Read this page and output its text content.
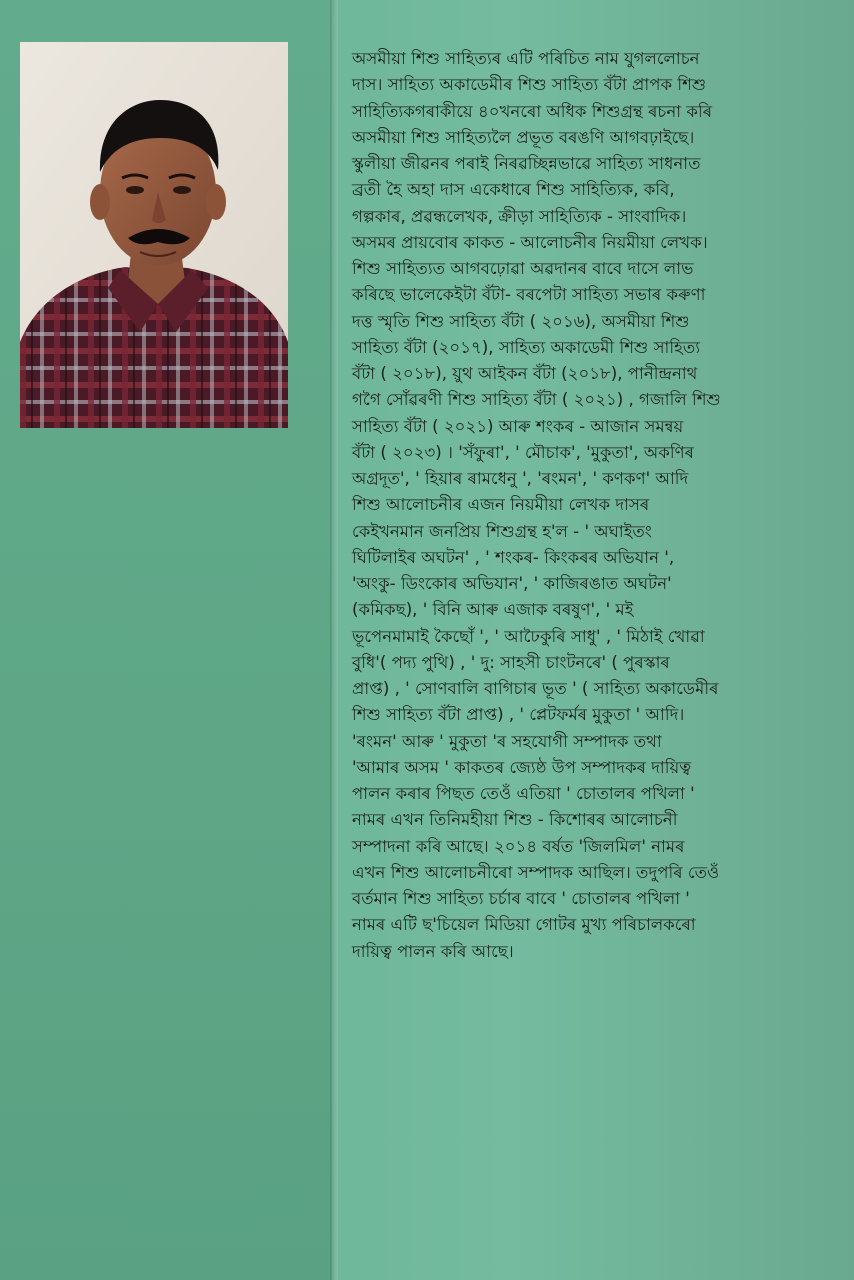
অসমীয়া শিশু সাহিত্যৰ এটি পৰিচিত নাম যুগললোচন

দাস। সাহিত্য অকাডেমীৰ শিশু সাহিত্য বঁটা প্ৰাপক শিশু

সাহিত্যিকগৰাকীয়ে ৪০খনৰো অধিক শিশুগ্ৰন্থ ৰচনা কৰি

অসমীয়া শিশু সাহিত্যলৈ প্ৰভূত বৰঙণি আগবঢ়াইছে।

স্কুলীয়া জীৱনৰ পৰাই নিৰৱচ্ছিন্নভাৱে সাহিত্য সাধনাত

ব্ৰতী হৈ অহা দাস একেধাৰে শিশু সাহিত্যিক, কবি,

গল্পকাৰ, প্ৰৱন্ধলেখক, ক্ৰীড়া সাহিত্যিক - সাংবাদিক।

অসমৰ প্ৰায়বোৰ কাকত - আলোচনীৰ নিয়মীয়া লেখক।

শিশু সাহিত্যত আগবঢ়োৱা অৱদানৰ বাবে দাসে লাভ

কৰিছে ভালেকেইটা বঁটা- বৰপেটা সাহিত্য সভাৰ কৰুণা

দত্ত স্মৃতি শিশু সাহিত্য বঁটা ( ২০১৬), অসমীয়া শিশু

সাহিত্য বঁটা (২০১৭), সাহিত্য অকাডেমী শিশু সাহিত্য

বঁটা ( ২০১৮), য়ুথ আইকন বঁটা (২০১৮), পানীন্দ্ৰনাথ

গগৈ সোঁৱৰণী শিশু সাহিত্য বঁটা ( ২০২১) , গজালি শিশু

সাহিত্য বঁটা ( ২০২১) আৰু শংকৰ - আজান সমন্বয়

বঁটা ( ২০২৩) । 'সঁফুৰা', ' মৌচাক', 'মুকুতা', অকণিৰ

অগ্ৰদূত', ' হিয়াৰ ৰামধেনু ', 'ৰংমন', ' কণকণ' আদি

শিশু আলোচনীৰ এজন নিয়মীয়া লেখক দাসৰ

কেইখনমান জনপ্ৰিয় শিশুগ্ৰন্থ হ'ল - ' অঘাইতং

ঘিটিলাইৰ অঘটন' , ' শংকৰ- কিংকৰৰ অভিযান ',

'অংকু- ডিংকোৰ অভিযান', ' কাজিৰঙাত অঘটন'

(কমিকছ), ' বিনি আৰু এজাক বৰষুণ', ' মই

ভূপেনমামাই কৈছোঁ ', ' আঢৈকুৰি সাধু' , ' মিঠাই খোৱা

বুধি'( পদ্য পুথি) , ' দু: সাহসী চাংটনৰে' ( পুৰস্কাৰ

প্ৰাপ্ত) , ' সোণবালি বাগিচাৰ ভূত ' ( সাহিত্য অকাডেমীৰ

শিশু সাহিত্য বঁটা প্ৰাপ্ত) , ' প্লেটফৰ্মৰ মুকুতা ' আদি।

'ৰংমন' আৰু ' মুকুতা 'ৰ সহযোগী সম্পাদক তথা

'আমাৰ অসম ' কাকতৰ জ্যেষ্ঠ উপ সম্পাদকৰ দায়িত্ব

পালন কৰাৰ পিছত তেওঁ এতিয়া ' চোতালৰ পখিলা '

নামৰ এখন তিনিমহীয়া শিশু - কিশোৰৰ আলোচনী

সম্পাদনা কৰি আছে। ২০১৪ বৰ্ষত 'জিলমিল' নামৰ

এখন শিশু আলোচনীৰো সম্পাদক আছিল। তদুপৰি তেওঁ

বৰ্তমান শিশু সাহিত্য চৰ্চাৰ বাবে ' চোতালৰ পখিলা '

নামৰ এটি ছ'চিয়েল মিডিয়া গোটৰ মুখ্য পৰিচালকৰো

দায়িত্ব পালন কৰি আছে।
